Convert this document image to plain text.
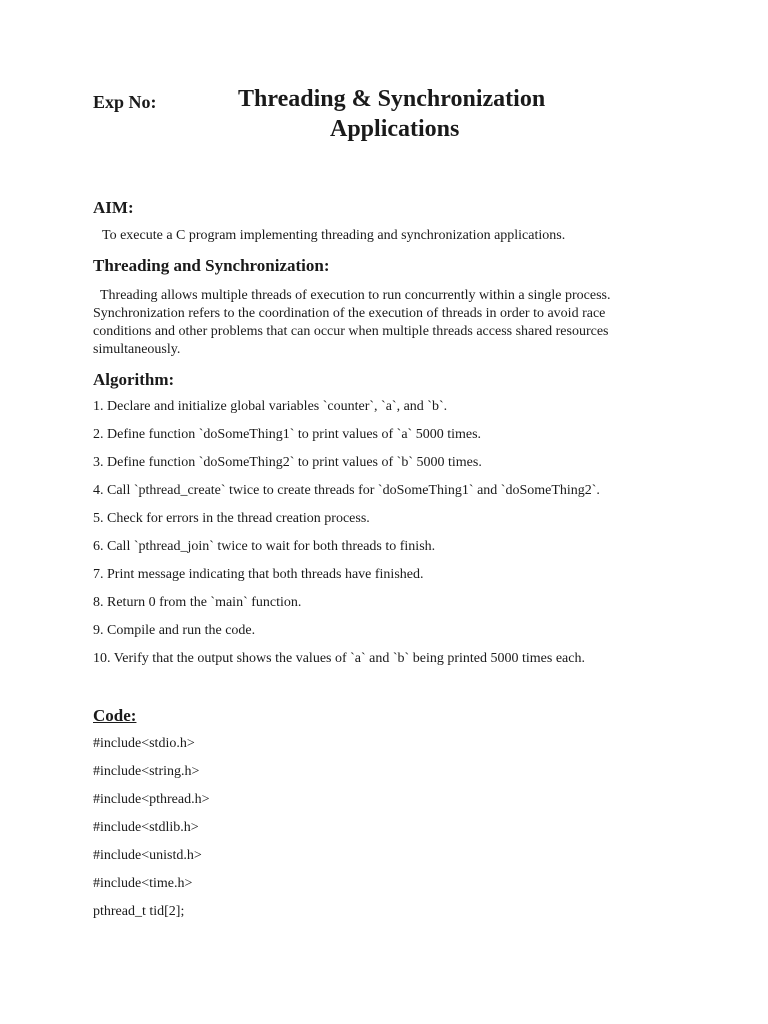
Exp No:	Threading & Synchronization
Applications
AIM:
To execute a C program implementing threading and synchronization applications.
Threading and Synchronization:
Threading allows multiple threads of execution to run concurrently within a single process.
Synchronization refers to the coordination of the execution of threads in order to avoid race
conditions and other problems that can occur when multiple threads access shared resources
simultaneously.
Algorithm:
1. Declare and initialize global variables `counter`, `a`, and `b`.
2. Define function `doSomeThing1` to print values of `a` 5000 times.
3. Define function `doSomeThing2` to print values of `b` 5000 times.
4. Call `pthread_create` twice to create threads for `doSomeThing1` and `doSomeThing2`.
5. Check for errors in the thread creation process.
6. Call `pthread_join` twice to wait for both threads to finish.
7. Print message indicating that both threads have finished.
8. Return 0 from the `main` function.
9. Compile and run the code.
10. Verify that the output shows the values of `a` and `b` being printed 5000 times each.
Code:
#include<stdio.h>
#include<string.h>
#include<pthread.h>
#include<stdlib.h>
#include<unistd.h>
#include<time.h>
pthread_t tid[2];
